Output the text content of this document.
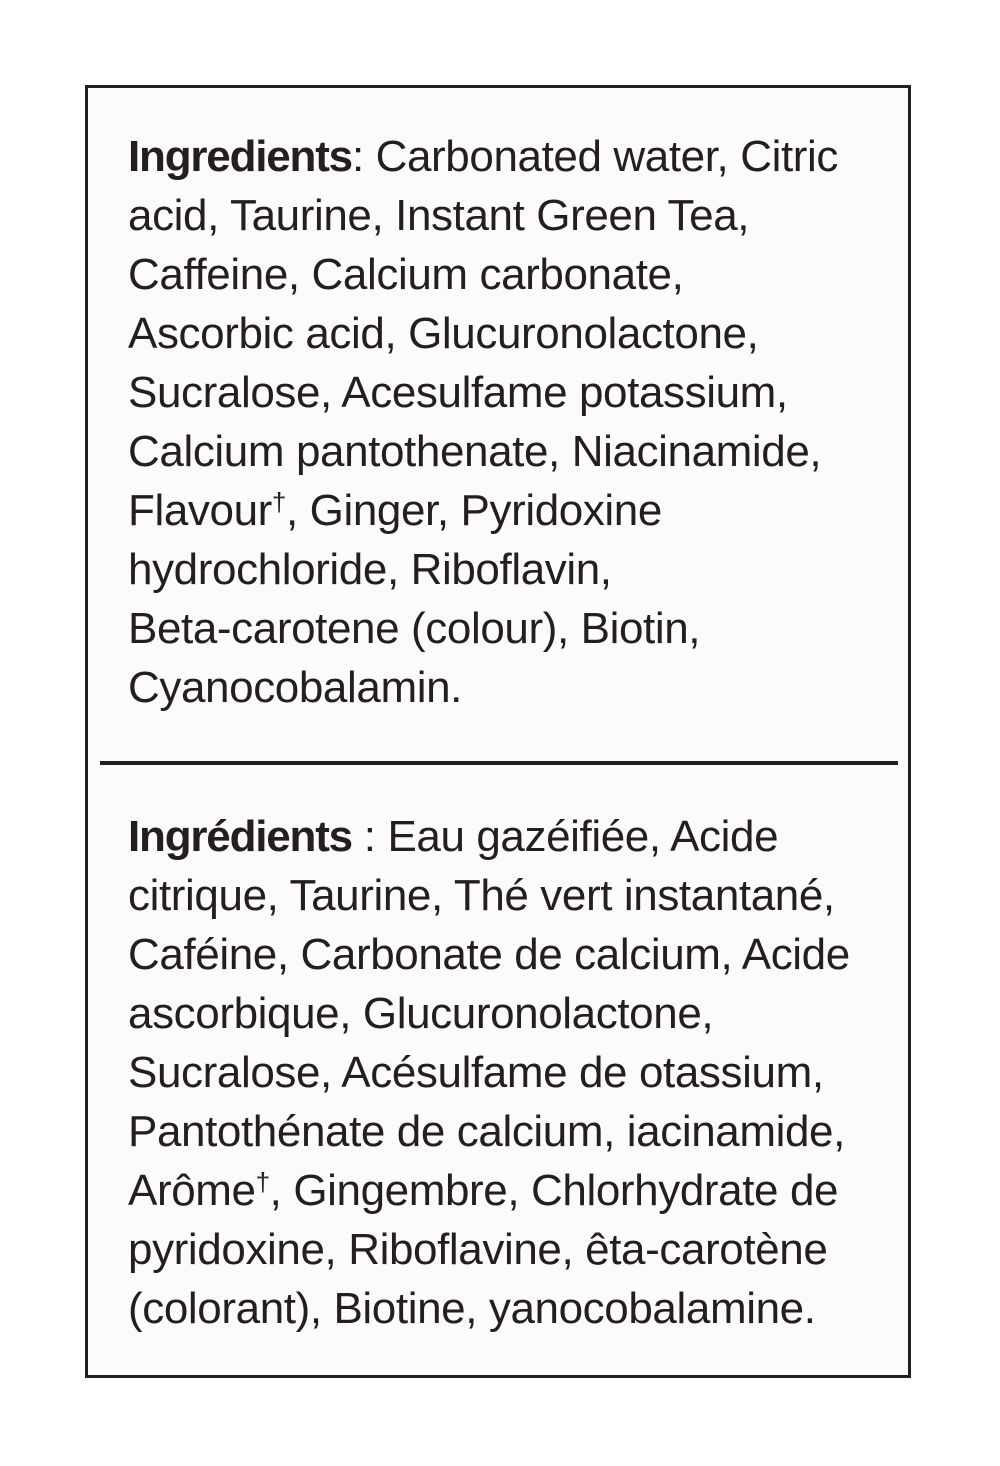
Ingredients: Carbonated water, Citric
acid, Taurine, Instant Green Tea,
Caffeine, Calcium carbonate,
Ascorbic acid, Glucuronolactone,
Sucralose, Acesulfame potassium,
Calcium pantothenate, Niacinamide,
Flavour†, Ginger, Pyridoxine
hydrochloride, Riboflavin,
Beta-carotene (colour), Biotin,
Cyanocobalamin.
Ingrédients : Eau gazéifiée, Acide
citrique, Taurine, Thé vert instantané,
Caféine, Carbonate de calcium, Acide
ascorbique, Glucuronolactone,
Sucralose, Acésulfame de otassium,
Pantothénate de calcium, iacinamide,
Arôme†, Gingembre, Chlorhydrate de
pyridoxine, Riboflavine, êta-carotène
(colorant), Biotine, yanocobalamine.
